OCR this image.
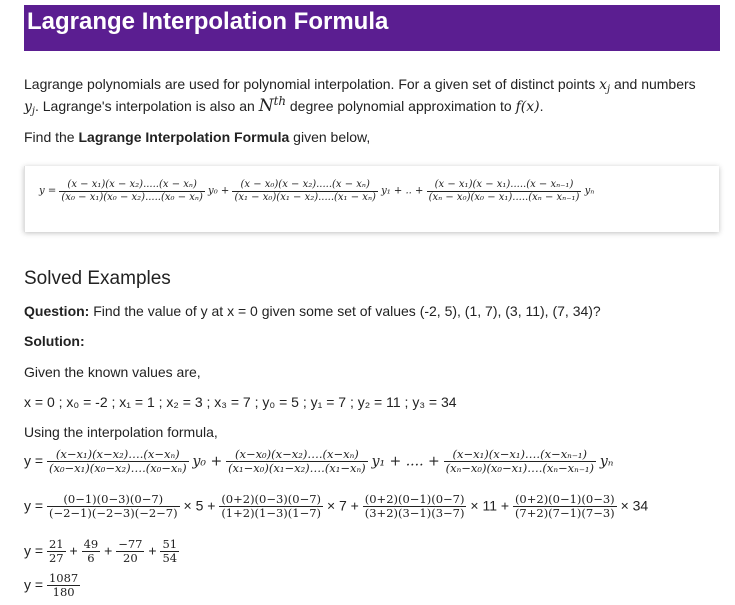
Lagrange Interpolation Formula
Lagrange polynomials are used for polynomial interpolation. For a given set of distinct points $x_j$ and numbers
$y_j$. Lagrange's interpolation is also an $N^{th}$ degree polynomial approximation to f(x).
Find the Lagrange Interpolation Formula given below,
$y = \frac{\text{(x − x₁)(x − x₂).....(x − xₙ)}}{\text{(x₀ − x₁)(x₀ − x₂).....(x₀ − xₙ)}} y_0 + \frac{\text{(x − x₀)(x − x₂).....(x − xₙ)}}{\text{(x₁ − x₀)(x₁ − x₂).....(x₁ − xₙ)}} y_1$ + .. + $\frac{\text{(x − x₁)(x − x₁).....(x − xₙ₋₁)}}{\text{(xₙ − x₀)(x₀ − x₁).....(xₙ − xₙ₋₁)}}$ yₙ
Solved Examples
Question: Find the value of y at x = 0 given some set of values (-2, 5), (1, 7), (3, 11), (7, 34)?
Solution:
Given the known values are,
x = 0 ; x₀ = -2 ; x₁ = 1 ; x₂ = 3 ; x₃ = 7 ; y₀ = 5 ; y₁ = 7 ; y₂ = 11 ; y₃ = 34
Using the interpolation formula,
$y = \frac{\text{(x−x₁)(x−x₂)….(x−xₙ)}}{\text{(x₀−x₁)(x₀−x₂)….(x₀−xₙ)}} y_0 + \frac{\text{(x−x₀)(x−x₂)….(x−xₙ)}}{\text{(x₁−x₀)(x₁−x₂)….(x₁−xₙ)}} y_1$ + .... + $\frac{\text{(x−x₁)(x−x₁)….(x−xₙ₋₁)}}{\text{(xₙ−x₀)(x₀−x₁)….(xₙ−xₙ₋₁)}}$ yₙ
$y = \frac{(0-1)(0-3)(0-7)}{(-2-1)(-2-3)(-2-7)} \times 5 + \frac{(0+2)(0-3)(0-7)}{(1+2)(1-3)(1-7)} \times 7 + \frac{(0+2)(0-1)(0-7)}{(3+2)(3-1)(3-7)} \times 11 + \frac{(0+2)(0-1)(0-3)}{(7+2)(7-1)(7-3)} \times 34$
$y = \frac{21}{27} + \frac{49}{6} + \frac{-77}{20} + \frac{51}{54}$
$y = \frac{1087}{180}$
